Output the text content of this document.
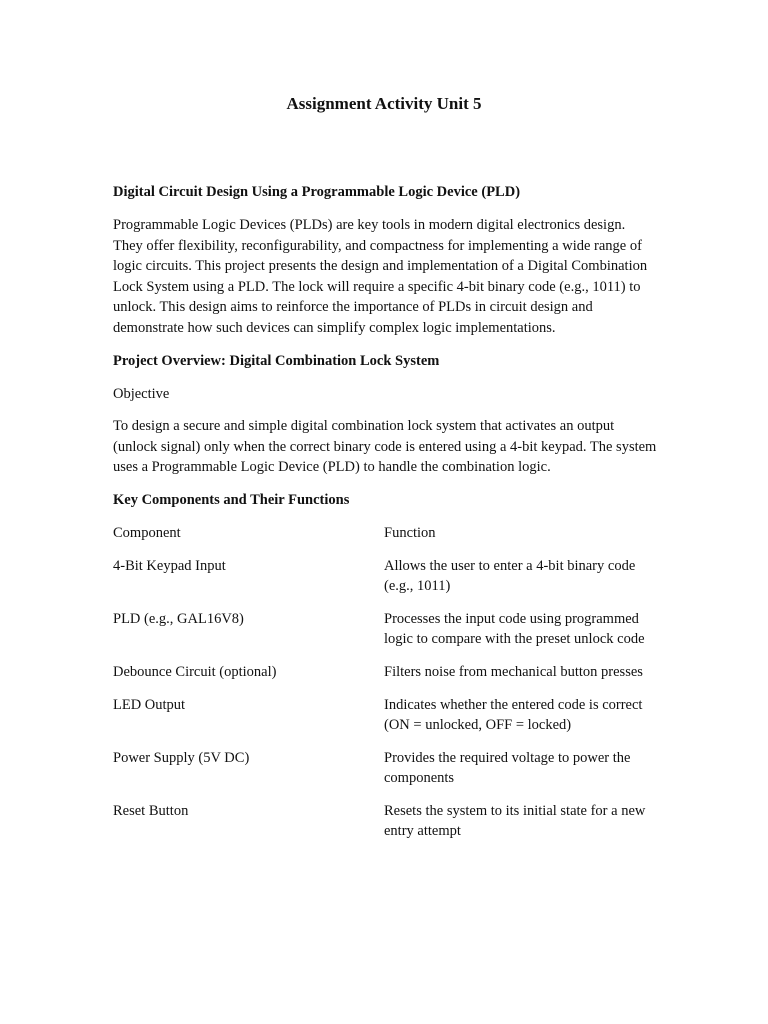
Assignment Activity Unit 5

Digital Circuit Design Using a Programmable Logic Device (PLD)

Programmable Logic Devices (PLDs) are key tools in modern digital electronics design. They offer flexibility, reconfigurability, and compactness for implementing a wide range of logic circuits. This project presents the design and implementation of a Digital Combination Lock System using a PLD. The lock will require a specific 4-bit binary code (e.g., 1011) to unlock. This design aims to reinforce the importance of PLDs in circuit design and demonstrate how such devices can simplify complex logic implementations.

Project Overview: Digital Combination Lock System

Objective

To design a secure and simple digital combination lock system that activates an output (unlock signal) only when the correct binary code is entered using a 4-bit keypad. The system uses a Programmable Logic Device (PLD) to handle the combination logic.

Key Components and Their Functions

Component	Function
4-Bit Keypad Input	Allows the user to enter a 4-bit binary code (e.g., 1011)
PLD (e.g., GAL16V8)	Processes the input code using programmed logic to compare with the preset unlock code
Debounce Circuit (optional)	Filters noise from mechanical button presses
LED Output	Indicates whether the entered code is correct (ON = unlocked, OFF = locked)
Power Supply (5V DC)	Provides the required voltage to power the components
Reset Button	Resets the system to its initial state for a new entry attempt
